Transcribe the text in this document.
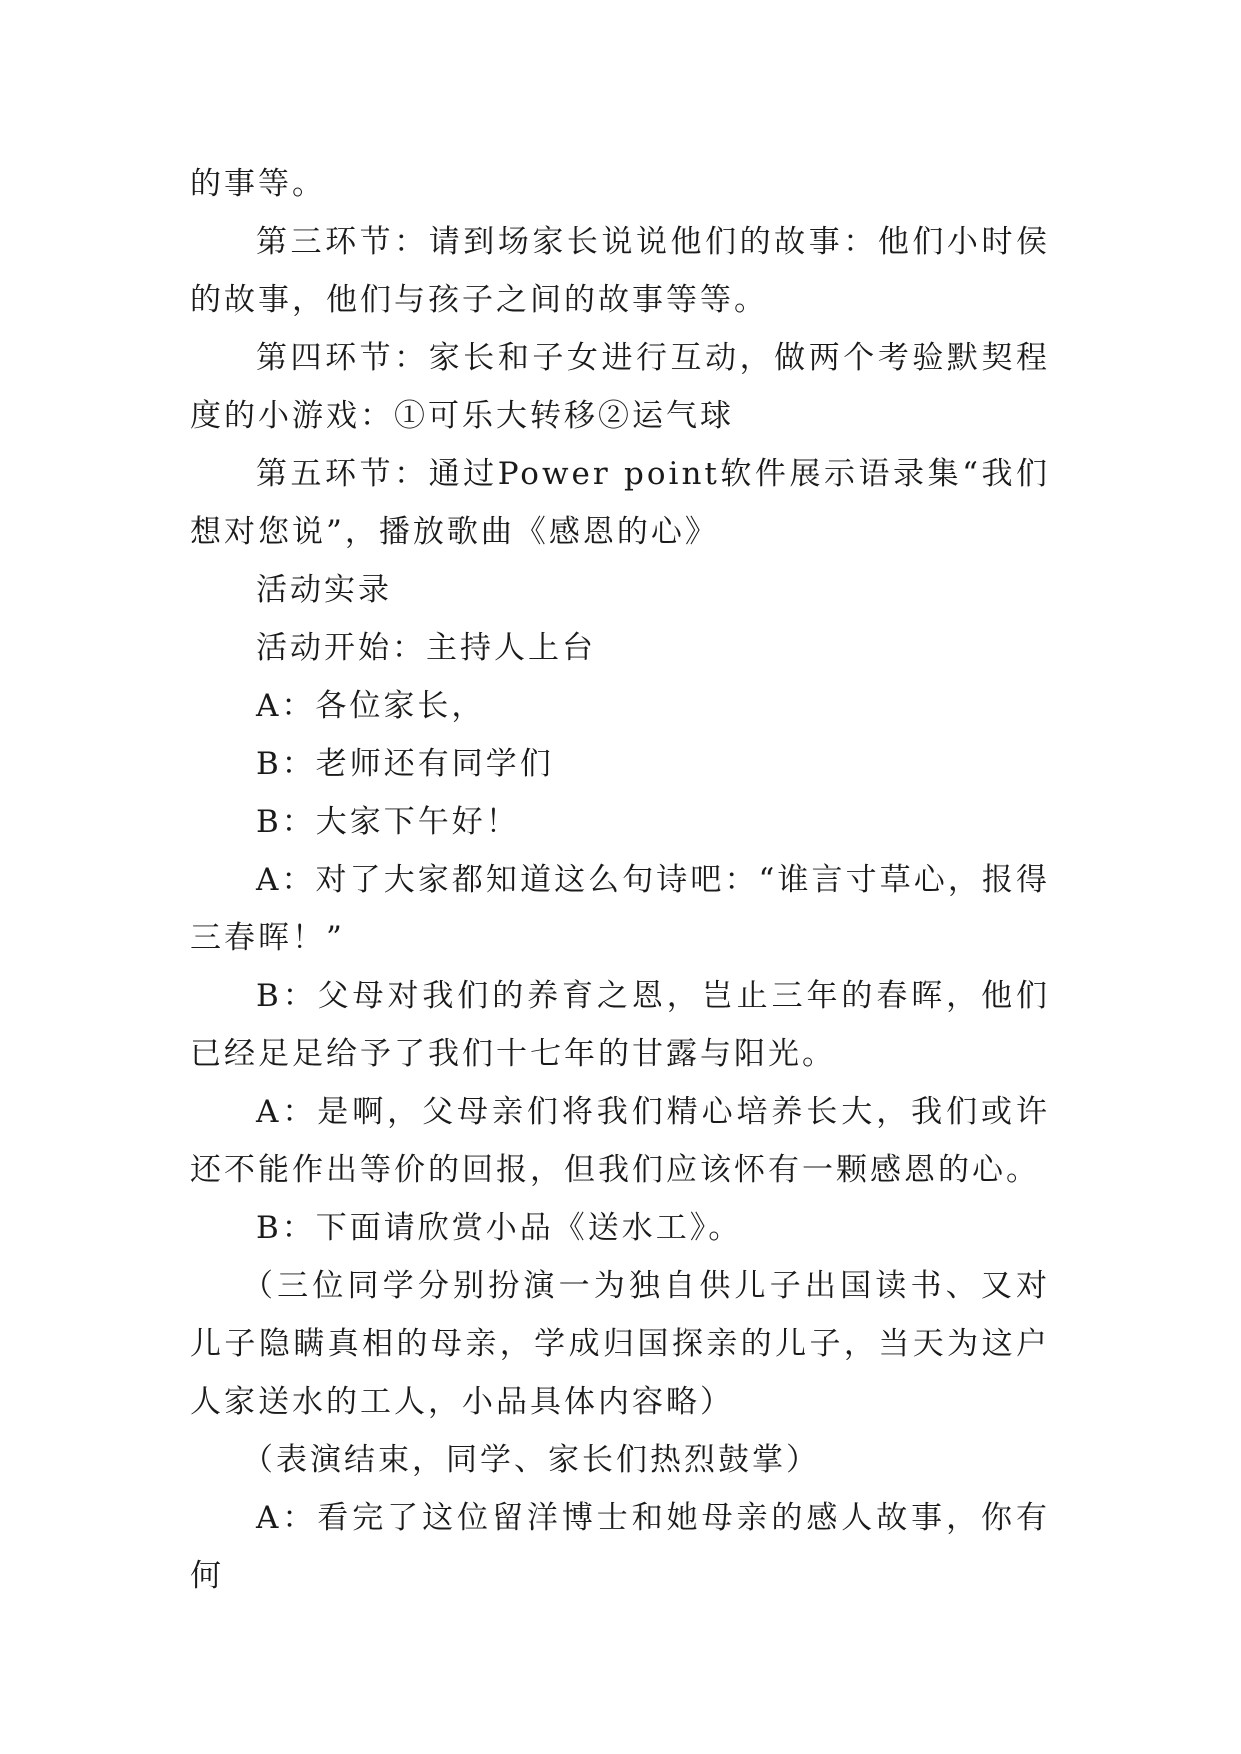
的事等。

第三环节：请到场家长说说他们的故事：他们小时侯的故事，他们与孩子之间的故事等等。

第四环节：家长和子女进行互动，做两个考验默契程度的小游戏：①可乐大转移②运气球

第五环节：通过Power point软件展示语录集“我们想对您说”，播放歌曲《感恩的心》

活动实录

活动开始：主持人上台

A：各位家长，

B：老师还有同学们

B：大家下午好！

A：对了大家都知道这么句诗吧：“谁言寸草心，报得三春晖！”

B：父母对我们的养育之恩，岂止三年的春晖，他们已经足足给予了我们十七年的甘露与阳光。

A：是啊，父母亲们将我们精心培养长大，我们或许还不能作出等价的回报，但我们应该怀有一颗感恩的心。

B：下面请欣赏小品《送水工》。

（三位同学分别扮演一为独自供儿子出国读书、又对儿子隐瞒真相的母亲，学成归国探亲的儿子，当天为这户人家送水的工人，小品具体内容略）

（表演结束，同学、家长们热烈鼓掌）

A：看完了这位留洋博士和她母亲的感人故事，你有何
